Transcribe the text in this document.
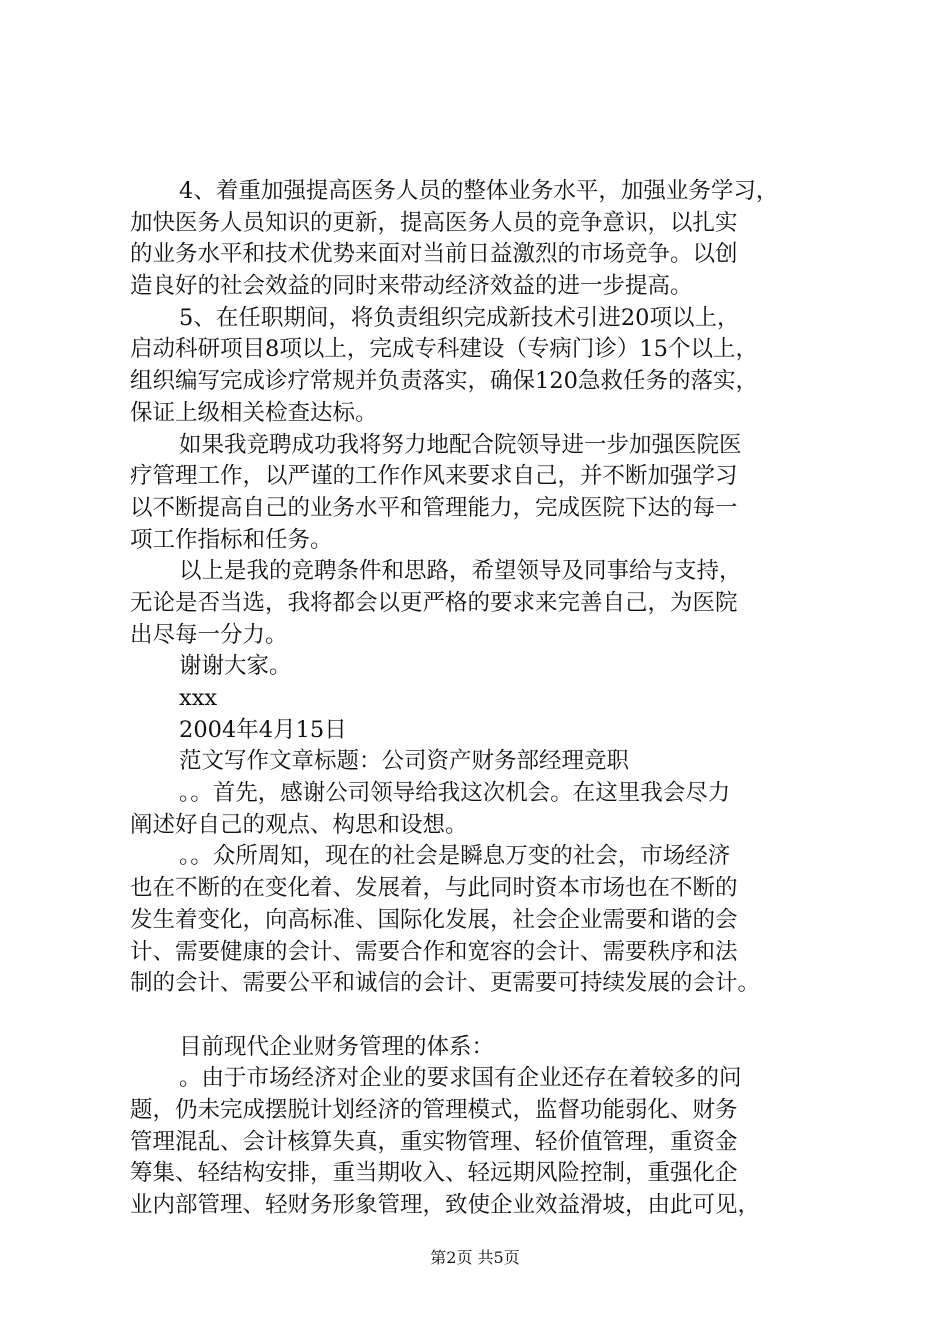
4、着重加强提高医务人员的整体业务水平，加强业务学习，
加快医务人员知识的更新，提高医务人员的竞争意识，以扎实
的业务水平和技术优势来面对当前日益激烈的市场竞争。以创
造良好的社会效益的同时来带动经济效益的进一步提高。
5、在任职期间，将负责组织完成新技术引进20项以上，
启动科研项目8项以上，完成专科建设（专病门诊）15个以上，
组织编写完成诊疗常规并负责落实，确保120急救任务的落实，
保证上级相关检查达标。
如果我竞聘成功我将努力地配合院领导进一步加强医院医
疗管理工作，以严谨的工作作风来要求自己，并不断加强学习
以不断提高自己的业务水平和管理能力，完成医院下达的每一
项工作指标和任务。
以上是我的竞聘条件和思路，希望领导及同事给与支持，
无论是否当选，我将都会以更严格的要求来完善自己，为医院
出尽每一分力。
谢谢大家。
xxx
2004年4月15日
范文写作文章标题：公司资产财务部经理竞职
。。首先，感谢公司领导给我这次机会。在这里我会尽力
阐述好自己的观点、构思和设想。
。。众所周知，现在的社会是瞬息万变的社会，市场经济
也在不断的在变化着、发展着，与此同时资本市场也在不断的
发生着变化，向高标准、国际化发展，社会企业需要和谐的会
计、需要健康的会计、需要合作和宽容的会计、需要秩序和法
制的会计、需要公平和诚信的会计、更需要可持续发展的会计。
目前现代企业财务管理的体系：
。由于市场经济对企业的要求国有企业还存在着较多的问
题，仍未完成摆脱计划经济的管理模式，监督功能弱化、财务
管理混乱、会计核算失真，重实物管理、轻价值管理，重资金
筹集、轻结构安排，重当期收入、轻远期风险控制，重强化企
业内部管理、轻财务形象管理，致使企业效益滑坡，由此可见，
第2页 共5页
